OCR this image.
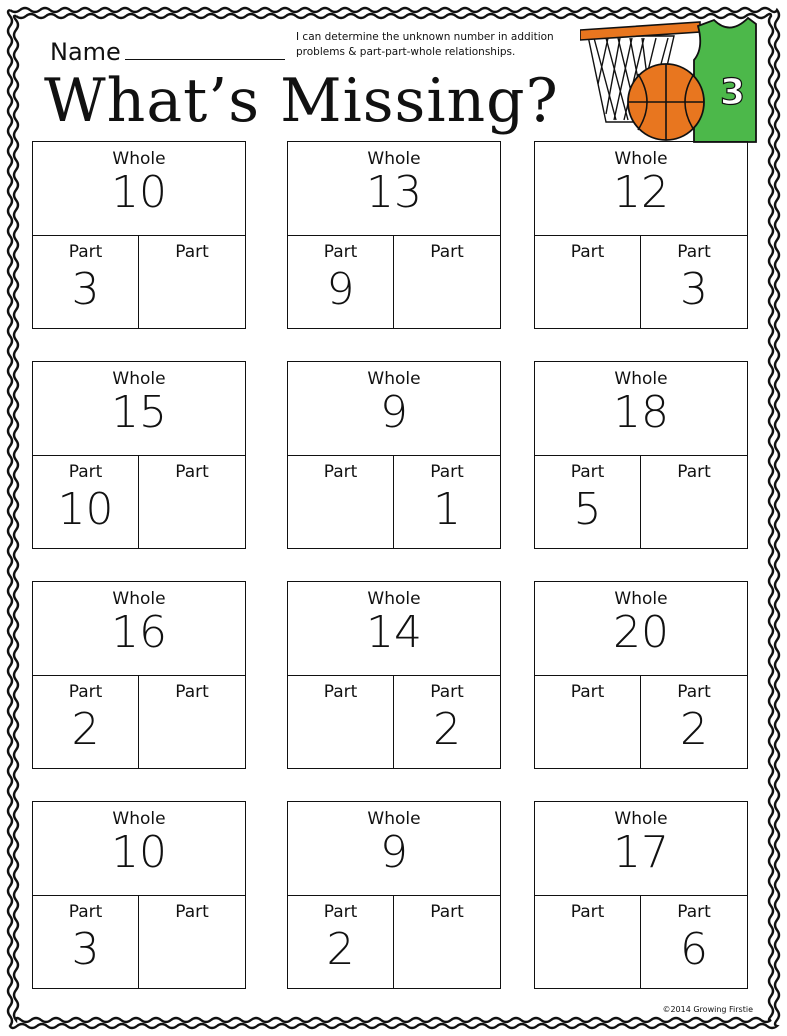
Name
I can determine the unknown number in addition problems & part-part-whole relationships.
What’s Missing?	3
Whole
10
Part
3
Part
Whole
13
Part
9
Part
Whole
12
Part	Part
3
Whole
15
Part
10
Part
Whole
9
Part	Part
1
Whole
18
Part
5
Part
Whole
16
Part
2
Part
Whole
14
Part	Part
2
Whole
20
Part	Part
2
Whole
10
Part
3
Part
Whole
9
Part
2
Part
Whole
17
Part	Part
6
©2014 Growing Firstie
